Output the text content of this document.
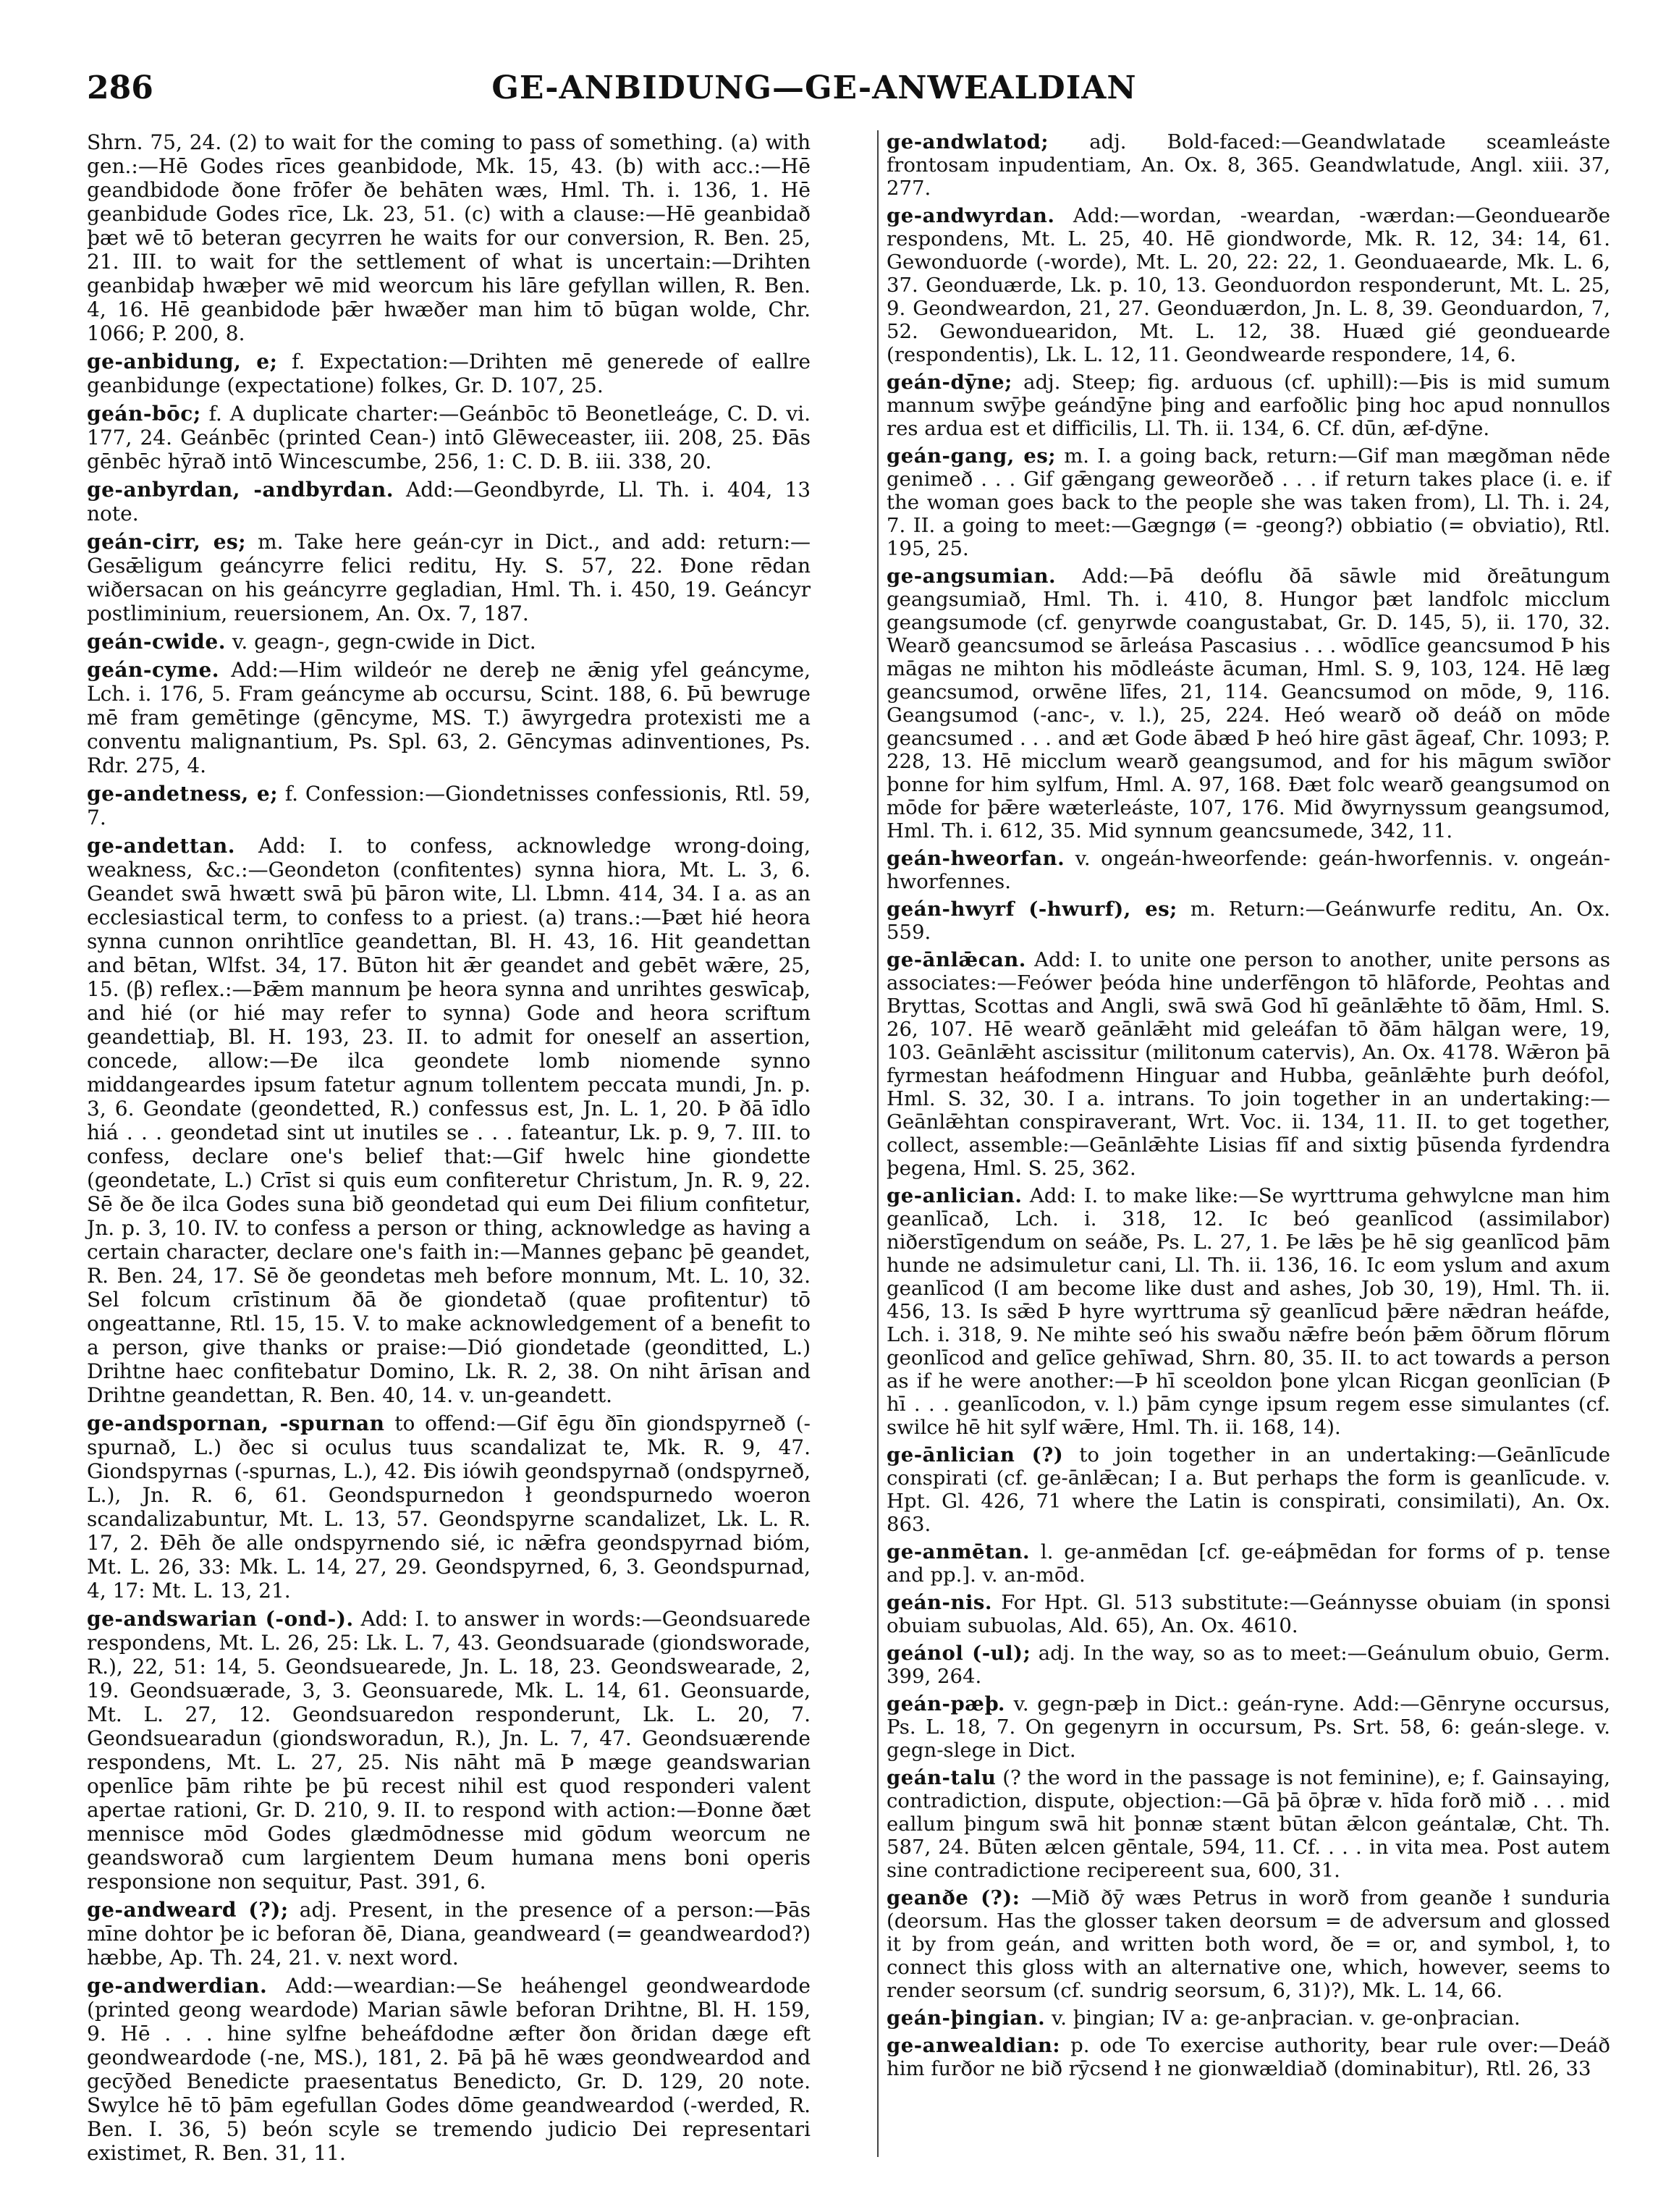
286	GE-ANBIDUNG—GE-ANWEALDIAN

Shrn. 75, 24. (2) to wait for the coming to pass of something. (a) with gen.:—Hē Godes rīces geanbidode, Mk. 15, 43. (b) with acc.:—Hē geandbidode ðone frōfer ðe behāten wæs, Hml. Th. i. 136, 1. Hē geanbidude Godes rīce, Lk. 23, 51. (c) with a clause:—Hē geanbidað þæt wē tō beteran gecyrren he waits for our conversion, R. Ben. 25, 21. III. to wait for the settlement of what is uncertain:—Drihten geanbidaþ hwæþer wē mid weorcum his lāre gefyllan willen, R. Ben. 4, 16. Hē geanbidode þǣr hwæðer man him tō būgan wolde, Chr. 1066; P. 200, 8.

ge-anbidung, e; f. Expectation:—Drihten mē generede of eallre geanbidunge (expectatione) folkes, Gr. D. 107, 25.

geán-bōc; f. A duplicate charter:—Geánbōc tō Beonetleáge, C. D. vi. 177, 24. Geánbēc (printed Cean-) intō Glēweceaster, iii. 208, 25. Ðās gēnbēc hȳrað intō Wincescumbe, 256, 1: C. D. B. iii. 338, 20.

ge-anbyrdan, -andbyrdan. Add:—Geondbyrde, Ll. Th. i. 404, 13 note.

geán-cirr, es; m. Take here geán-cyr in Dict., and add: return:—Gesǣligum geáncyrre felici reditu, Hy. S. 57, 22. Ðone rēdan wiðersacan on his geáncyrre gegladian, Hml. Th. i. 450, 19. Geáncyr postliminium, reuersionem, An. Ox. 7, 187.

geán-cwide. v. geagn-, gegn-cwide in Dict.

geán-cyme. Add:—Him wildeór ne dereþ ne ǣnig yfel geáncyme, Lch. i. 176, 5. Fram geáncyme ab occursu, Scint. 188, 6. Þū bewruge mē fram gemētinge (gēncyme, MS. T.) āwyrgedra protexisti me a conventu malignantium, Ps. Spl. 63, 2. Gēncymas adinventiones, Ps. Rdr. 275, 4.

ge-andetness, e; f. Confession:—Giondetnisses confessionis, Rtl. 59, 7.

ge-andettan. Add: I. to confess, acknowledge wrong-doing, weakness, &c.:—Geondeton (confitentes) synna hiora, Mt. L. 3, 6. Geandet swā hwætt swā þū þāron wite, Ll. Lbmn. 414, 34. I a. as an ecclesiastical term, to confess to a priest. (a) trans.:—Þæt hié heora synna cunnon onrihtlīce geandettan, Bl. H. 43, 16. Hit geandettan and bētan, Wlfst. 34, 17. Būton hit ǣr geandet and gebēt wǣre, 25, 15. (β) reflex.:—Þǣm mannum þe heora synna and unrihtes geswīcaþ, and hié (or hié may refer to synna) Gode and heora scriftum geandettiaþ, Bl. H. 193, 23. II. to admit for oneself an assertion, concede, allow:—Ðe ilca geondete lomb niomende synno middangeardes ipsum fatetur agnum tollentem peccata mundi, Jn. p. 3, 6. Geondate (geondetted, R.) confessus est, Jn. L. 1, 20. Þ ðā īdlo hiá . . . geondetad sint ut inutiles se . . . fateantur, Lk. p. 9, 7. III. to confess, declare one's belief that:—Gif hwelc hine giondette (geondetate, L.) Crīst si quis eum confiteretur Christum, Jn. R. 9, 22. Sē ðe ðe ilca Godes suna bið geondetad qui eum Dei filium confitetur, Jn. p. 3, 10. IV. to confess a person or thing, acknowledge as having a certain character, declare one's faith in:—Mannes geþanc þē geandet, R. Ben. 24, 17. Sē ðe geondetas meh before monnum, Mt. L. 10, 32. Sel folcum crīstinum ðā ðe giondetað (quae profitentur) tō ongeattanne, Rtl. 15, 15. V. to make acknowledgement of a benefit to a person, give thanks or praise:—Dió giondetade (geonditted, L.) Drihtne haec confitebatur Domino, Lk. R. 2, 38. On niht ārīsan and Drihtne geandettan, R. Ben. 40, 14. v. un-geandett.

ge-andspornan, -spurnan to offend:—Gif ēgu ðīn giondspyrneð (-spurnað, L.) ðec si oculus tuus scandalizat te, Mk. R. 9, 47. Giondspyrnas (-spurnas, L.), 42. Ðis iówih geondspyrnað (ondspyrneð, L.), Jn. R. 6, 61. Geondspurnedon ł geondspurnedo woeron scandalizabuntur, Mt. L. 13, 57. Geondspyrne scandalizet, Lk. L. R. 17, 2. Ðēh ðe alle ondspyrnendo sié, ic nǣfra geondspyrnad bióm, Mt. L. 26, 33: Mk. L. 14, 27, 29. Geondspyrned, 6, 3. Geondspurnad, 4, 17: Mt. L. 13, 21.

ge-andswarian (-ond-). Add: I. to answer in words:—Geondsuarede respondens, Mt. L. 26, 25: Lk. L. 7, 43. Geondsuarade (giondsworade, R.), 22, 51: 14, 5. Geondsuearede, Jn. L. 18, 23. Geondswearade, 2, 19. Geondsuærade, 3, 3. Geonsuarede, Mk. L. 14, 61. Geonsuarde, Mt. L. 27, 12. Geondsuaredon responderunt, Lk. L. 20, 7. Geondsuearadun (giondsworadun, R.), Jn. L. 7, 47. Geondsuærende respondens, Mt. L. 27, 25. Nis nāht mā Þ mæge geandswarian openlīce þām rihte þe þū recest nihil est quod responderi valent apertae rationi, Gr. D. 210, 9. II. to respond with action:—Ðonne ðæt mennisce mōd Godes glædmōdnesse mid gōdum weorcum ne geandsworað cum largientem Deum humana mens boni operis responsione non sequitur, Past. 391, 6.

ge-andweard (?); adj. Present, in the presence of a person:—Þās mīne dohtor þe ic beforan ðē, Diana, geandweard (= geandweardod?) hæbbe, Ap. Th. 24, 21. v. next word.

ge-andwerdian. Add:—weardian:—Se heáhengel geondweardode (printed geong weardode) Marian sāwle beforan Drihtne, Bl. H. 159, 9. Hē . . . hine sylfne beheáfdodne æfter ðon ðridan dæge eft geondweardode (-ne, MS.), 181, 2. Þā þā hē wæs geondweardod and gecȳðed Benedicte praesentatus Benedicto, Gr. D. 129, 20 note. Swylce hē tō þām egefullan Godes dōme geandweardod (-werded, R. Ben. I. 36, 5) beón scyle se tremendo judicio Dei representari existimet, R. Ben. 31, 11.

ge-andwlatod; adj. Bold-faced:—Geandwlatade sceamleáste frontosam inpudentiam, An. Ox. 8, 365. Geandwlatude, Angl. xiii. 37, 277.

ge-andwyrdan. Add:—wordan, -weardan, -wærdan:—Geonduearðe respondens, Mt. L. 25, 40. Hē giondworde, Mk. R. 12, 34: 14, 61. Gewonduorde (-worde), Mt. L. 20, 22: 22, 1. Geonduaearde, Mk. L. 6, 37. Geonduærde, Lk. p. 10, 13. Geonduordon responderunt, Mt. L. 25, 9. Geondweardon, 21, 27. Geonduærdon, Jn. L. 8, 39. Geonduardon, 7, 52. Gewonduearidon, Mt. L. 12, 38. Huæd gié geonduearde (respondentis), Lk. L. 12, 11. Geondwearde respondere, 14, 6.

geán-dȳne; adj. Steep; fig. arduous (cf. uphill):—Þis is mid sumum mannum swȳþe geándȳne þing and earfoðlic þing hoc apud nonnullos res ardua est et difficilis, Ll. Th. ii. 134, 6. Cf. dūn, æf-dȳne.

geán-gang, es; m. I. a going back, return:—Gif man mægðman nēde genimeð . . . Gif gǣngang geweorðeð . . . if return takes place (i. e. if the woman goes back to the people she was taken from), Ll. Th. i. 24, 7. II. a going to meet:—Gægngø (= -geong?) obbiatio (= obviatio), Rtl. 195, 25.

ge-angsumian. Add:—Þā deóflu ðā sāwle mid ðreātungum geangsumiað, Hml. Th. i. 410, 8. Hungor þæt landfolc micclum geangsumode (cf. genyrwde coangustabat, Gr. D. 145, 5), ii. 170, 32. Wearð geancsumod se ārleása Pascasius . . . wōdlīce geancsumod Þ his māgas ne mihton his mōdleáste ācuman, Hml. S. 9, 103, 124. Hē læg geancsumod, orwēne līfes, 21, 114. Geancsumod on mōde, 9, 116. Geangsumod (-anc-, v. l.), 25, 224. Heó wearð oð deáð on mōde geancsumed . . . and æt Gode ābæd Þ heó hire gāst āgeaf, Chr. 1093; P. 228, 13. Hē micclum wearð geangsumod, and for his māgum swīðor þonne for him sylfum, Hml. A. 97, 168. Ðæt folc wearð geangsumod on mōde for þǣre wæterleáste, 107, 176. Mid ðwyrnyssum geangsumod, Hml. Th. i. 612, 35. Mid synnum geancsumede, 342, 11.

geán-hweorfan. v. ongeán-hweorfende: geán-hworfennis. v. ongeán-hworfennes.

geán-hwyrf (-hwurf), es; m. Return:—Geánwurfe reditu, An. Ox. 559.

ge-ānlǣcan. Add: I. to unite one person to another, unite persons as associates:—Feówer þeóda hine underfēngon tō hlāforde, Peohtas and Bryttas, Scottas and Angli, swā swā God hī geānlǣhte tō ðām, Hml. S. 26, 107. Hē wearð geānlǣht mid geleáfan tō ðām hālgan were, 19, 103. Geānlǣht ascissitur (militonum catervis), An. Ox. 4178. Wǣron þā fyrmestan heáfodmenn Hinguar and Hubba, geānlǣhte þurh deófol, Hml. S. 32, 30. I a. intrans. To join together in an undertaking:—Geānlǣhtan conspiraverant, Wrt. Voc. ii. 134, 11. II. to get together, collect, assemble:—Geānlǣhte Lisias fīf and sixtig þūsenda fyrdendra þegena, Hml. S. 25, 362.

ge-anlician. Add: I. to make like:—Se wyrttruma gehwylcne man him geanlīcað, Lch. i. 318, 12. Ic beó geanlīcod (assimilabor) niðerstīgendum on seáðe, Ps. L. 27, 1. Þe lǣs þe hē sig geanlīcod þām hunde ne adsimuletur cani, Ll. Th. ii. 136, 16. Ic eom yslum and axum geanlīcod (I am become like dust and ashes, Job 30, 19), Hml. Th. ii. 456, 13. Is sǣd Þ hyre wyrttruma sȳ geanlīcud þǣre nǣdran heáfde, Lch. i. 318, 9. Ne mihte seó his swaðu nǣfre beón þǣm ōðrum flōrum geonlīcod and gelīce gehīwad, Shrn. 80, 35. II. to act towards a person as if he were another:—Þ hī sceoldon þone ylcan Ricgan geonlīcian (Þ hī . . . geanlīcodon, v. l.) þām cynge ipsum regem esse simulantes (cf. swilce hē hit sylf wǣre, Hml. Th. ii. 168, 14).

ge-ānlician (?) to join together in an undertaking:—Geānlīcude conspirati (cf. ge-ānlǣcan; I a. But perhaps the form is geanlīcude. v. Hpt. Gl. 426, 71 where the Latin is conspirati, consimilati), An. Ox. 863.

ge-anmētan. l. ge-anmēdan [cf. ge-eáþmēdan for forms of p. tense and pp.]. v. an-mōd.

geán-nis. For Hpt. Gl. 513 substitute:—Geánnysse obuiam (in sponsi obuiam subuolas, Ald. 65), An. Ox. 4610.

geánol (-ul); adj. In the way, so as to meet:—Geánulum obuio, Germ. 399, 264.

geán-pæþ. v. gegn-pæþ in Dict.: geán-ryne. Add:—Gēnryne occursus, Ps. L. 18, 7. On gegenyrn in occursum, Ps. Srt. 58, 6: geán-slege. v. gegn-slege in Dict.

geán-talu (? the word in the passage is not feminine), e; f. Gainsaying, contradiction, dispute, objection:—Gā þā ōþræ v. hīda forð mið . . . mid eallum þingum swā hit þonnæ stænt būtan ǣlcon geántalæ, Cht. Th. 587, 24. Būten ælcen gēntale, 594, 11. Cf. . . . in vita mea. Post autem sine contradictione recipereent sua, 600, 31.

geanðe (?): —Mið ðȳ wæs Petrus in worð from geanðe ł sunduria (deorsum. Has the glosser taken deorsum = de adversum and glossed it by from geán, and written both word, ðe = or, and symbol, ł, to connect this gloss with an alternative one, which, however, seems to render seorsum (cf. sundrig seorsum, 6, 31)?), Mk. L. 14, 66.

geán-þingian. v. þingian; IV a: ge-anþracian. v. ge-onþracian.

ge-anwealdian: p. ode To exercise authority, bear rule over:—Deáð him furðor ne bið rȳcsend ł ne gionwældiað (dominabitur), Rtl. 26, 33
